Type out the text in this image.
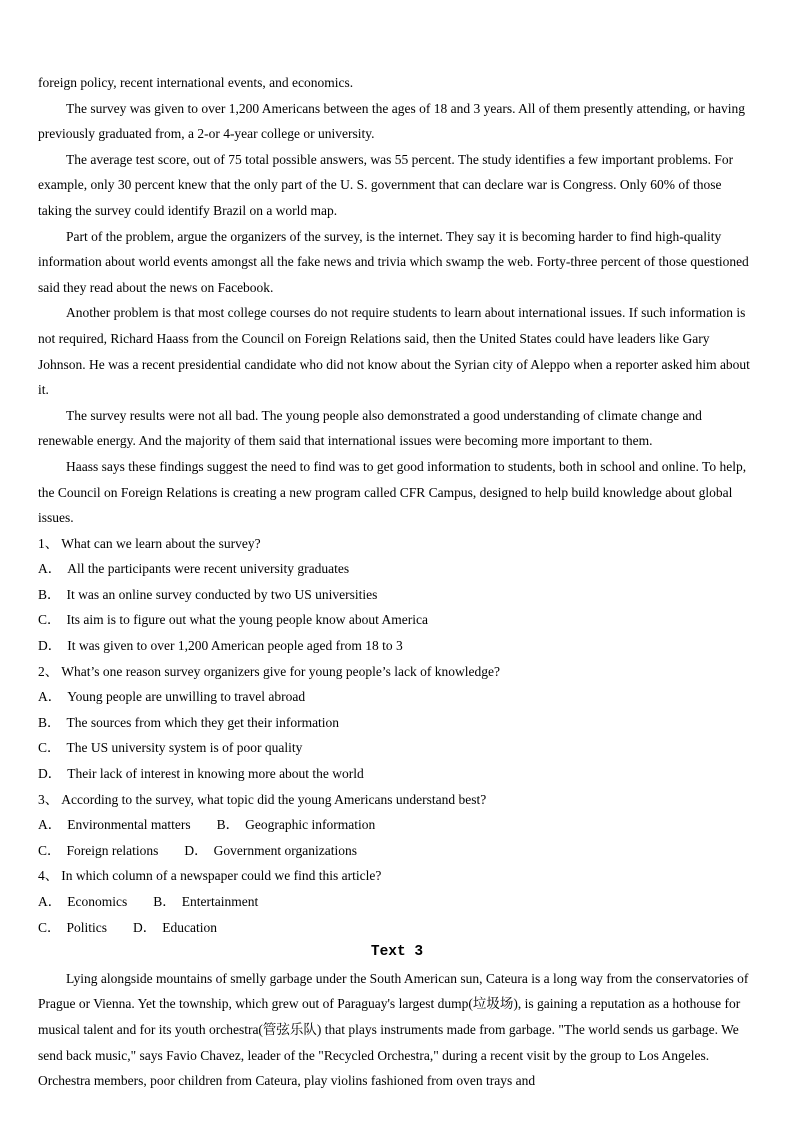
foreign policy, recent international events, and economics.
The survey was given to over 1,200 Americans between the ages of 18 and 3 years. All of them presently attending, or having previously graduated from, a 2-or 4-year college or university.
The average test score, out of 75 total possible answers, was 55 percent. The study identifies a few important problems. For example, only 30 percent knew that the only part of the U. S. government that can declare war is Congress. Only 60% of those taking the survey could identify Brazil on a world map.
Part of the problem, argue the organizers of the survey, is the internet. They say it is becoming harder to find high-quality information about world events amongst all the fake news and trivia which swamp the web. Forty-three percent of those questioned said they read about the news on Facebook.
Another problem is that most college courses do not require students to learn about international issues. If such information is not required, Richard Haass from the Council on Foreign Relations said, then the United States could have leaders like Gary Johnson. He was a recent presidential candidate who did not know about the Syrian city of Aleppo when a reporter asked him about it.
The survey results were not all bad. The young people also demonstrated a good understanding of climate change and renewable energy. And the majority of them said that international issues were becoming more important to them.
Haass says these findings suggest the need to find was to get good information to students, both in school and online. To help, the Council on Foreign Relations is creating a new program called CFR Campus, designed to help build knowledge about global issues.
1、 What can we learn about the survey?
A． All the participants were recent university graduates
B． It was an online survey conducted by two US universities
C． Its aim is to figure out what the young people know about America
D． It was given to over 1,200 American people aged from 18 to 3
2、 What’s one reason survey organizers give for young people’s lack of knowledge?
A． Young people are unwilling to travel abroad
B． The sources from which they get their information
C． The US university system is of poor quality
D． Their lack of interest in knowing more about the world
3、 According to the survey, what topic did the young Americans understand best?
A． Environmental matters B． Geographic information
C． Foreign relations D． Government organizations
4、 In which column of a newspaper could we find this article?
A． Economics B． Entertainment
C． Politics D． Education
Text 3
Lying alongside mountains of smelly garbage under the South American sun, Cateura is a long way from the conservatories of Prague or Vienna. Yet the township, which grew out of Paraguay's largest dump(垃圾场), is gaining a reputation as a hothouse for musical talent and for its youth orchestra(管弦乐队) that plays instruments made from garbage. "The world sends us garbage. We send back music," says Favio Chavez, leader of the "Recycled Orchestra," during a recent visit by the group to Los Angeles. Orchestra members, poor children from Cateura, play violins fashioned from oven trays and
